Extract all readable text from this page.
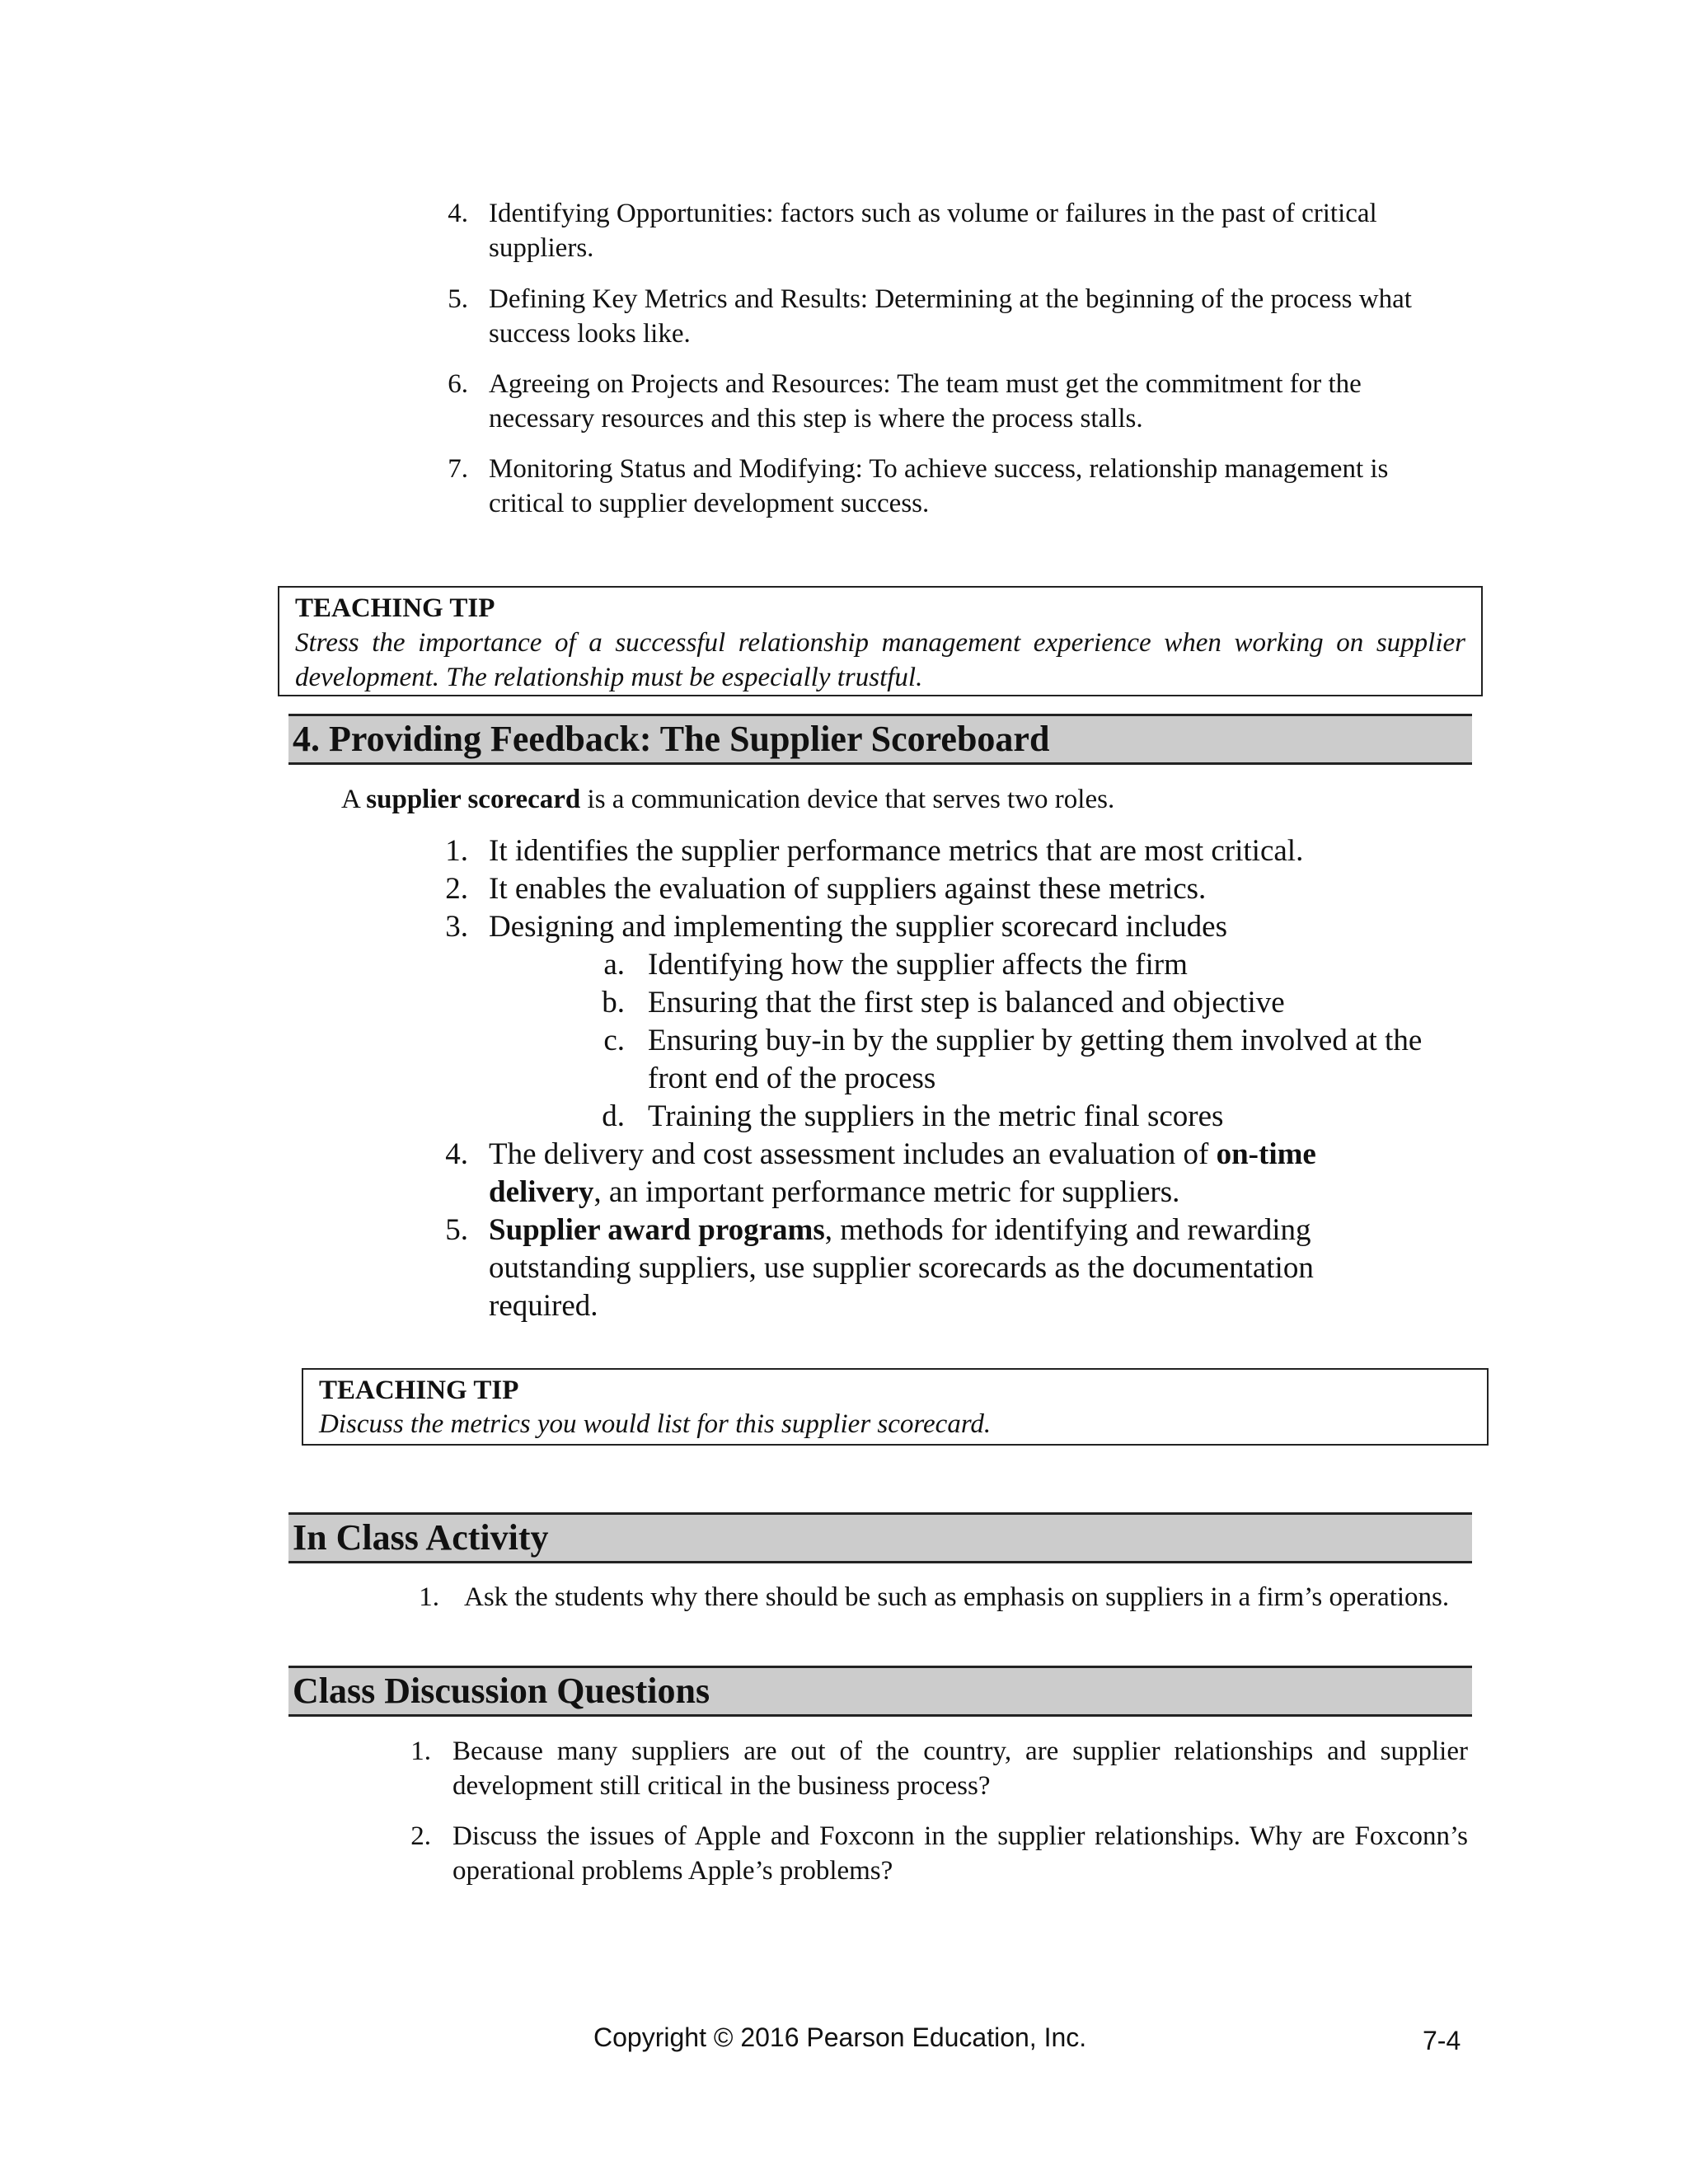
4. Identifying Opportunities: factors such as volume or failures in the past of critical suppliers.
5. Defining Key Metrics and Results: Determining at the beginning of the process what success looks like.
6. Agreeing on Projects and Resources: The team must get the commitment for the necessary resources and this step is where the process stalls.
7. Monitoring Status and Modifying: To achieve success, relationship management is critical to supplier development success.
TEACHING TIP
Stress the importance of a successful relationship management experience when working on supplier development. The relationship must be especially trustful.
4. Providing Feedback: The Supplier Scoreboard
A supplier scorecard is a communication device that serves two roles.
1. It identifies the supplier performance metrics that are most critical.
2. It enables the evaluation of suppliers against these metrics.
3. Designing and implementing the supplier scorecard includes
a. Identifying how the supplier affects the firm
b. Ensuring that the first step is balanced and objective
c. Ensuring buy-in by the supplier by getting them involved at the front end of the process
d. Training the suppliers in the metric final scores
4. The delivery and cost assessment includes an evaluation of on-time delivery, an important performance metric for suppliers.
5. Supplier award programs, methods for identifying and rewarding outstanding suppliers, use supplier scorecards as the documentation required.
TEACHING TIP
Discuss the metrics you would list for this supplier scorecard.
In Class Activity
1. Ask the students why there should be such as emphasis on suppliers in a firm’s operations.
Class Discussion Questions
1. Because many suppliers are out of the country, are supplier relationships and supplier development still critical in the business process?
2. Discuss the issues of Apple and Foxconn in the supplier relationships. Why are Foxconn’s operational problems Apple’s problems?
Copyright © 2016 Pearson Education, Inc.	7-4
